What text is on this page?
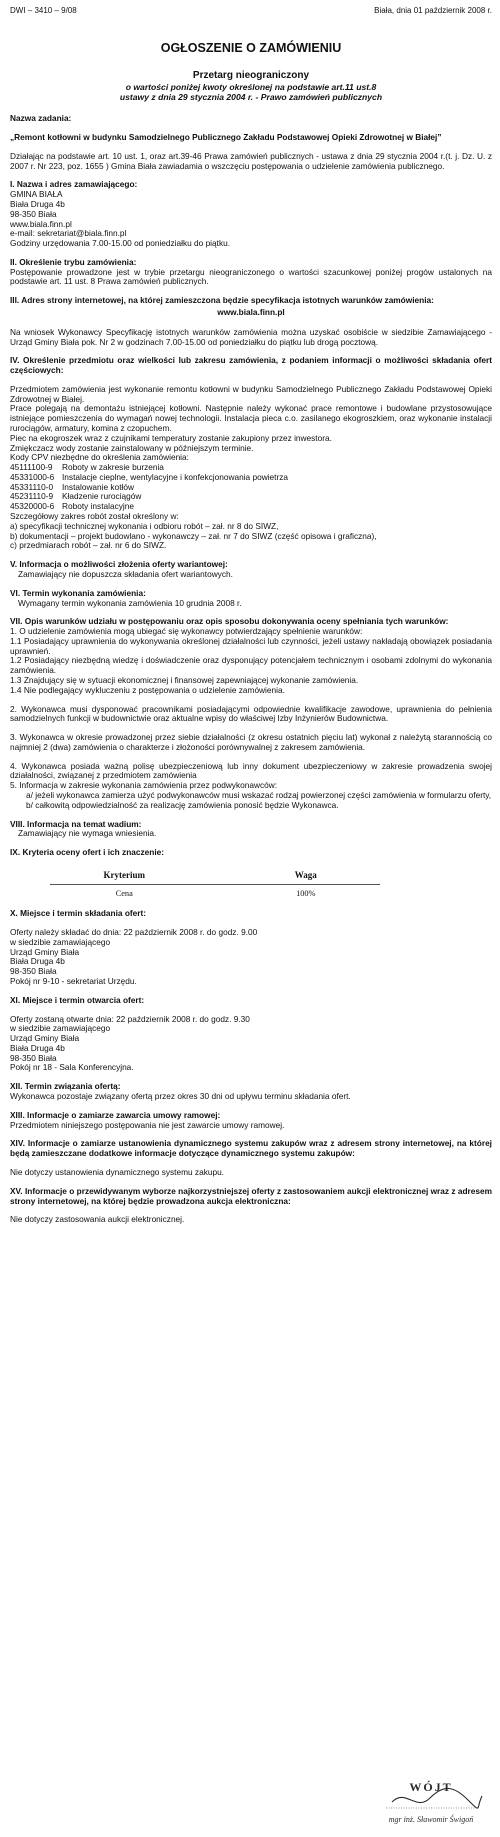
DWI – 3410 – 9/08	Biała, dnia 01 październik 2008 r.
OGŁOSZENIE O ZAMÓWIENIU
Przetarg nieograniczony
o wartości poniżej kwoty określonej na podstawie art.11 ust.8
ustawy z dnia 29 stycznia 2004 r. - Prawo zamówień publicznych
Nazwa zadania:
„Remont kotłowni w budynku Samodzielnego Publicznego Zakładu Podstawowej Opieki Zdrowotnej w Białej”
Działając na podstawie art. 10 ust. 1, oraz art.39-46 Prawa zamówień publicznych - ustawa z dnia 29 stycznia 2004 r.(t. j. Dz. U. z 2007 r. Nr 223, poz. 1655 ) Gmina Biała zawiadamia o wszczęciu postępowania o udzielenie zamówienia publicznego.
I. Nazwa i adres zamawiającego:
GMINA BIAŁA
Biała Druga 4b
98-350 Biała
www.biala.finn.pl
e-mail: sekretariat@biala.finn.pl
Godziny urzędowania 7.00-15.00 od poniedziałku do piątku.
II. Określenie trybu zamówienia:
Postępowanie prowadzone jest w trybie przetargu nieograniczonego o wartości szacunkowej poniżej progów ustalonych na podstawie art. 11 ust. 8 Prawa zamówień publicznych.
III. Adres strony internetowej, na której zamieszczona będzie specyfikacja istotnych warunków zamówienia:
www.biala.finn.pl
Na wniosek Wykonawcy Specyfikację istotnych warunków zamówienia można uzyskać osobiście w siedzibie Zamawiającego - Urząd Gminy Biała pok. Nr 2 w godzinach 7.00-15.00 od poniedziałku do piątku lub drogą pocztową.
IV. Określenie przedmiotu oraz wielkości lub zakresu zamówienia, z podaniem informacji o możliwości składania ofert częściowych:
Przedmiotem zamówienia jest wykonanie remontu kotłowni w budynku Samodzielnego Publicznego Zakładu Podstawowej Opieki Zdrowotnej w Białej.
Prace polegają na demontażu istniejącej kotłowni. Następnie należy wykonać prace remontowe i budowlane przystosowujące istniejące pomieszczenia do wymagań nowej technologii. Instalacja pieca c.o. zasilanego ekogroszkiem, oraz wykonanie instalacji rurociągów, armatury, komina z czopuchem.
Piec na ekogroszek wraz z czujnikami temperatury zostanie zakupiony przez inwestora.
Zmiękczacz wody zostanie zainstalowany w późniejszym terminie.
Kody CPV niezbędne do określenia zamówienia:
45111100-9	Roboty w zakresie burzenia
45331000-6 Instalacje cieplne, wentylacyjne i konfekcjonowania powietrza
45331110-0	Instalowanie kotłów
45231110-9	Kładzenie rurociągów
45320000-6 Roboty instalacyjne
Szczegółowy zakres robót został określony w:
a) specyfikacji technicznej wykonania i odbioru robót – zał. nr 8 do SIWZ,
b) dokumentacji – projekt budowlano - wykonawczy – zał. nr 7 do SIWZ (część opisowa i graficzna),
c) przedmiarach robót – zał. nr 6 do SIWZ.
V. Informacja o możliwości złożenia oferty wariantowej:
Zamawiający nie dopuszcza składania ofert wariantowych.
VI. Termin wykonania zamówienia:
Wymagany termin wykonania zamówienia 10 grudnia 2008 r.
VII. Opis warunków udziału w postępowaniu oraz opis sposobu dokonywania oceny spełniania tych warunków:
1. O udzielenie zamówienia mogą ubiegać się wykonawcy potwierdzający spełnienie warunków:
1.1 Posiadający uprawnienia do wykonywania określonej działalności lub czynności, jeżeli ustawy nakładają obowiązek posiadania uprawnień.
1.2 Posiadający niezbędną wiedzę i doświadczenie oraz dysponujący potencjałem technicznym i osobami zdolnymi do wykonania zamówienia.
1.3 Znajdujący się w sytuacji ekonomicznej i finansowej zapewniającej wykonanie zamówienia.
1.4 Nie podlegający wykluczeniu z postępowania o udzielenie zamówienia.
2. Wykonawca musi dysponować pracownikami posiadającymi odpowiednie kwalifikacje zawodowe, uprawnienia do pełnienia samodzielnych funkcji w budownictwie oraz aktualne wpisy do właściwej Izby Inżynierów Budownictwa.
3. Wykonawca w okresie prowadzonej przez siebie działalności (z okresu ostatnich pięciu lat) wykonał z należytą starannością co najmniej 2 (dwa) zamówienia o charakterze i złożoności porównywalnej z zakresem zamówienia.
4. Wykonawca posiada ważną polisę ubezpieczeniową lub inny dokument ubezpieczeniowy w zakresie prowadzenia swojej działalności, związanej z przedmiotem zamówienia
5. Informacja w zakresie wykonania zamówienia przez podwykonawców:
a/ jeżeli wykonawca zamierza użyć podwykonawców musi wskazać rodzaj powierzonej części zamówienia w formularzu oferty,
b/ całkowitą odpowiedzialność za realizację zamówienia ponosić będzie Wykonawca.
VIII. Informacja na temat wadium:
Zamawiający nie wymaga wniesienia.
IX. Kryteria oceny ofert i ich znaczenie:
Kryterium	Waga
Cena	100%
X. Miejsce i termin składania ofert:
Oferty należy składać do dnia: 22 październik 2008 r. do godz. 9.00
w siedzibie zamawiającego
Urząd Gminy Biała
Biała Druga 4b
98-350 Biała
Pokój nr 9-10 - sekretariat Urzędu.
XI. Miejsce i termin otwarcia ofert:
Oferty zostaną otwarte dnia: 22 październik 2008 r. do godz. 9.30
w siedzibie zamawiającego
Urząd Gminy Biała
Biała Druga 4b
98-350 Biała
Pokój nr 18 - Sala Konferencyjna.
XII. Termin związania ofertą:
Wykonawca pozostaje związany ofertą przez okres 30 dni od upływu terminu składania ofert.
XIII. Informacje o zamiarze zawarcia umowy ramowej:
Przedmiotem niniejszego postępowania nie jest zawarcie umowy ramowej.
XIV. Informacje o zamiarze ustanowienia dynamicznego systemu zakupów wraz z adresem strony internetowej, na której będą zamieszczane dodatkowe informacje dotyczące dynamicznego systemu zakupów:
Nie dotyczy ustanowienia dynamicznego systemu zakupu.
XV. Informacje o przewidywanym wyborze najkorzystniejszej oferty z zastosowaniem aukcji elektronicznej wraz z adresem strony internetowej, na której będzie prowadzona aukcja elektroniczna:
Nie dotyczy zastosowania aukcji elektronicznej.
WÓJT
mgr inż. Sławomir Świgoń
